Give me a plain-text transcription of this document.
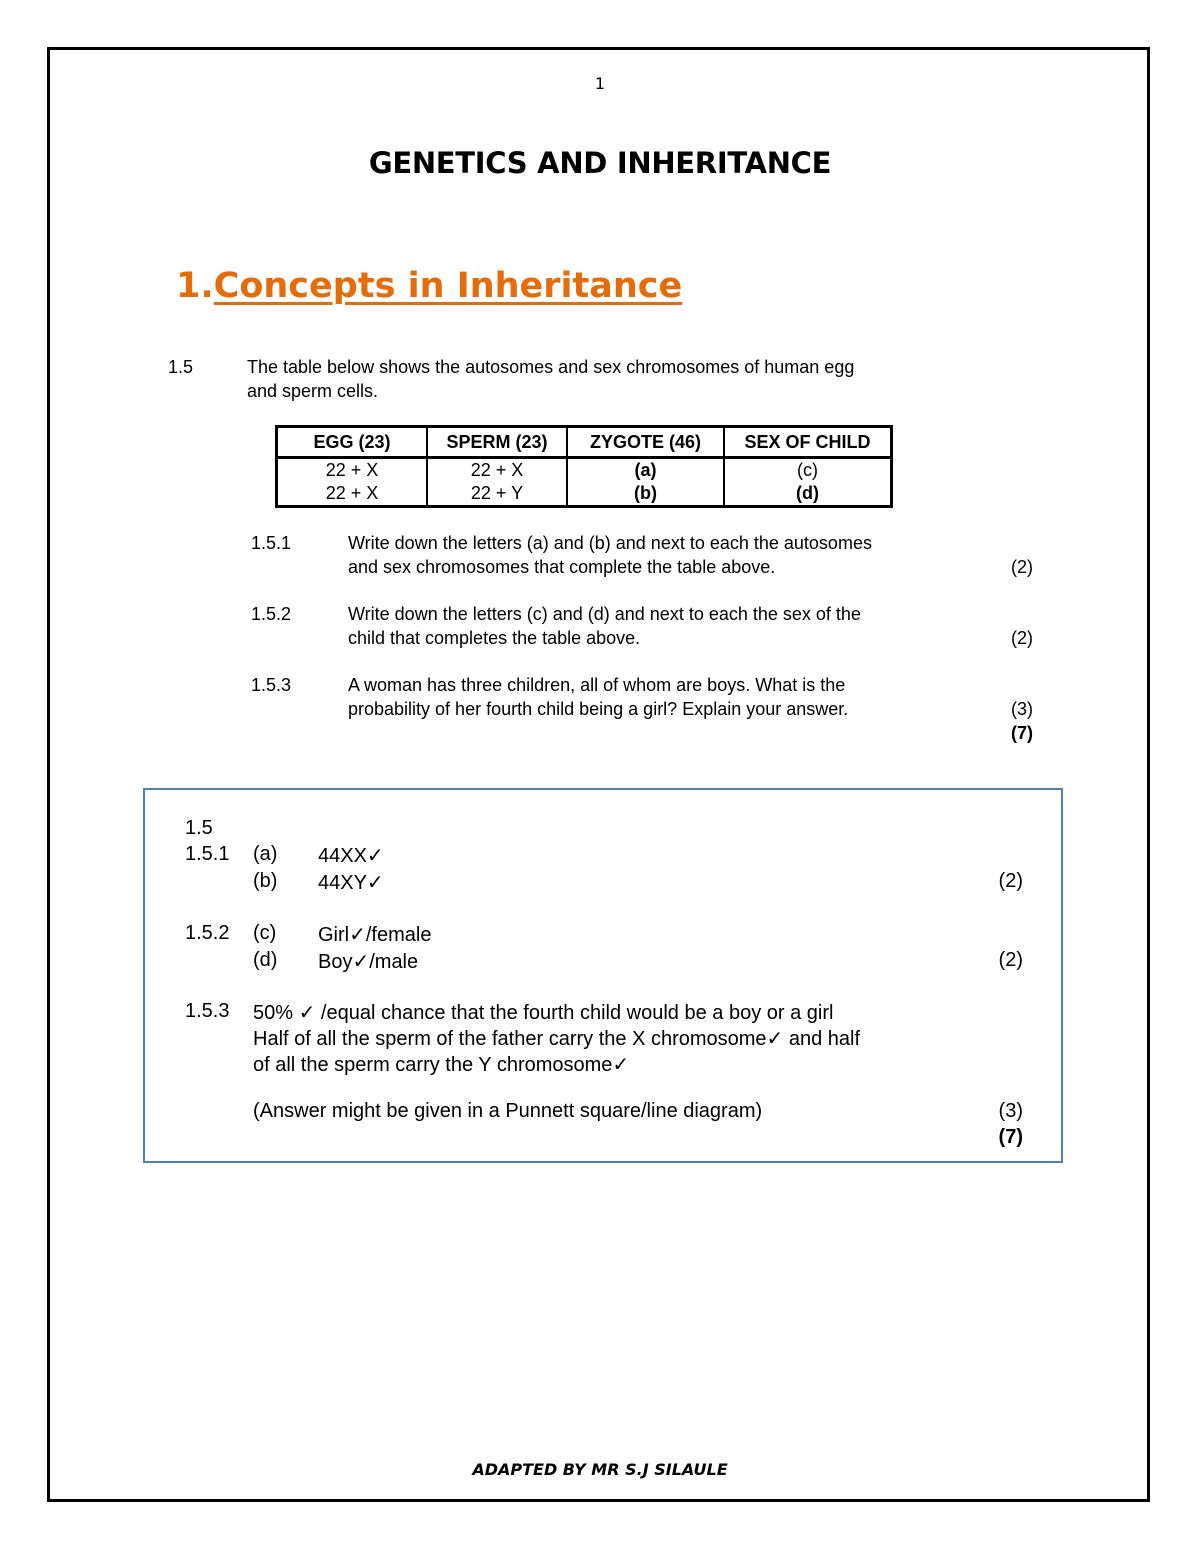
1
GENETICS AND INHERITANCE
1.Concepts in Inheritance
1.5	The table below shows the autosomes and sex chromosomes of human egg
and sperm cells.
EGG (23)	SPERM (23)	ZYGOTE (46)	SEX OF CHILD
22 + X	22 + X	(a)	(c)
22 + X	22 + Y	(b)	(d)
1.5.1	Write down the letters (a) and (b) and next to each the autosomes
and sex chromosomes that complete the table above.	(2)
1.5.2	Write down the letters (c) and (d) and next to each the sex of the
child that completes the table above.	(2)
1.5.3	A woman has three children, all of whom are boys. What is the
probability of her fourth child being a girl? Explain your answer.	(3)
(7)
1.5
1.5.1 (a) 44XX✓
(b) 44XY✓	(2)
1.5.2 (c) Girl✓/female
(d) Boy✓/male	(2)
1.5.3 50% ✓ /equal chance that the fourth child would be a boy or a girl
Half of all the sperm of the father carry the X chromosome✓ and half
of all the sperm carry the Y chromosome✓
(Answer might be given in a Punnett square/line diagram)	(3)
(7)
ADAPTED BY MR S.J SILAULE
